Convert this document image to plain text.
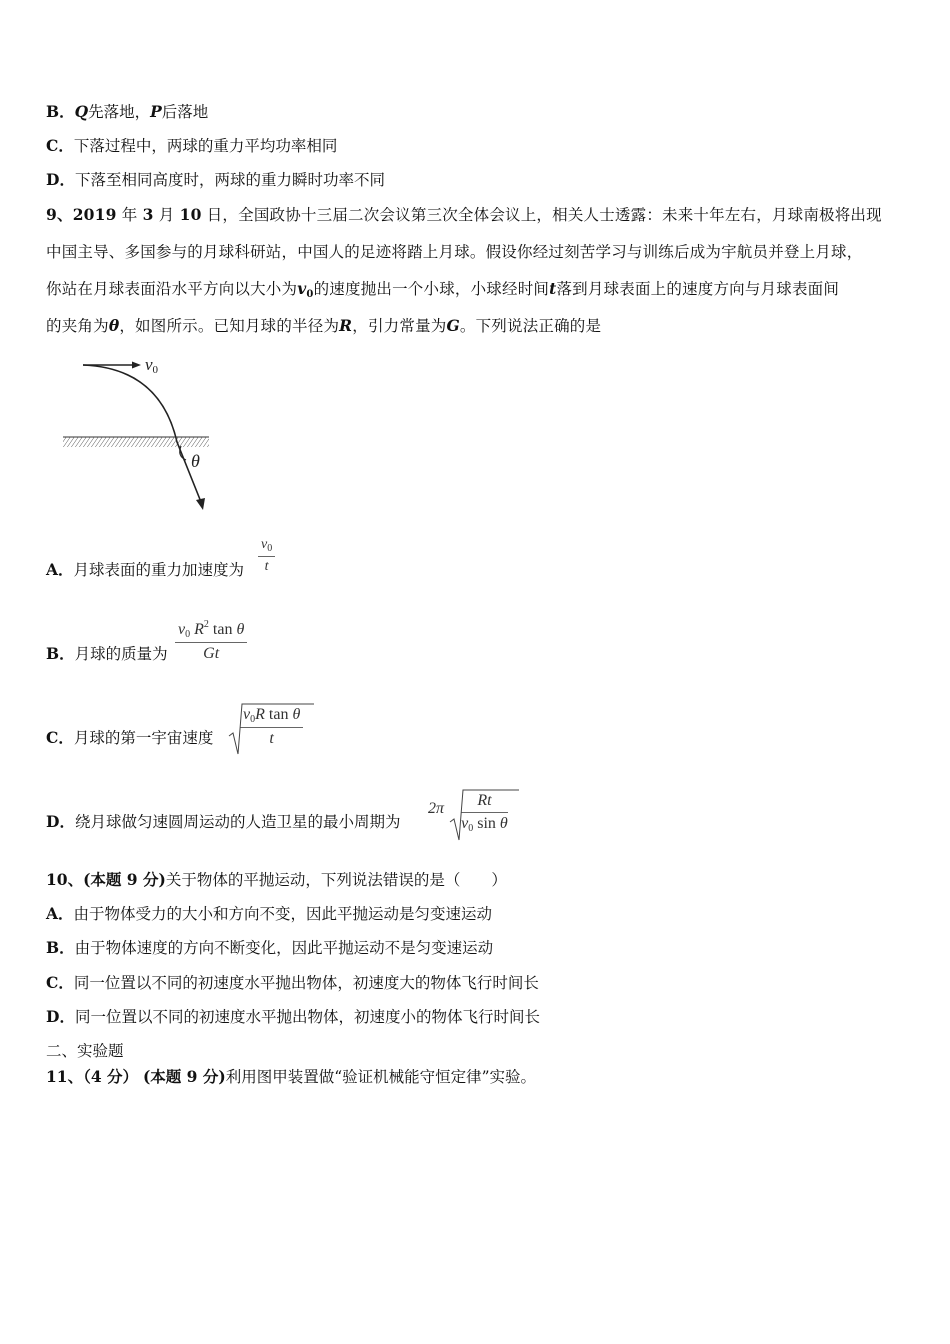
B．Q先落地，P后落地
C．下落过程中，两球的重力平均功率相同
D．下落至相同高度时，两球的重力瞬时功率不同
9、2019 年 3 月 10 日，全国政协十三届二次会议第三次全体会议上，相关人士透露：未来十年左右，月球南极将出现
中国主导、多国参与的月球科研站，中国人的足迹将踏上月球。假设你经过刻苦学习与训练后成为宇航员并登上月球，
你站在月球表面沿水平方向以大小为v0的速度抛出一个小球，小球经时间t落到月球表面上的速度方向与月球表面间
的夹角为θ，如图所示。已知月球的半径为R，引力常量为G。下列说法正确的是
v0
θ
A．月球表面的重力加速度为 $\frac{v_0}{t}$
B．月球的质量为 $\frac{v_0 R^2 \tan \theta}{Gt}$
C．月球的第一宇宙速度 $\frac{v_0R \tan \theta}{t}$
D．绕月球做匀速圆周运动的人造卫星的最小周期为
$2\pi \frac{Rt}{v_0 \sin \theta}$
10、(本题 9 分)关于物体的平抛运动，下列说法错误的是（　　）
A．由于物体受力的大小和方向不变，因此平抛运动是匀变速运动
B．由于物体速度的方向不断变化，因此平抛运动不是匀变速运动
C．同一位置以不同的初速度水平抛出物体，初速度大的物体飞行时间长
D．同一位置以不同的初速度水平抛出物体，初速度小的物体飞行时间长
二、实验题
11、（4 分） (本题 9 分)利用图甲装置做“验证机械能守恒定律”实验。
